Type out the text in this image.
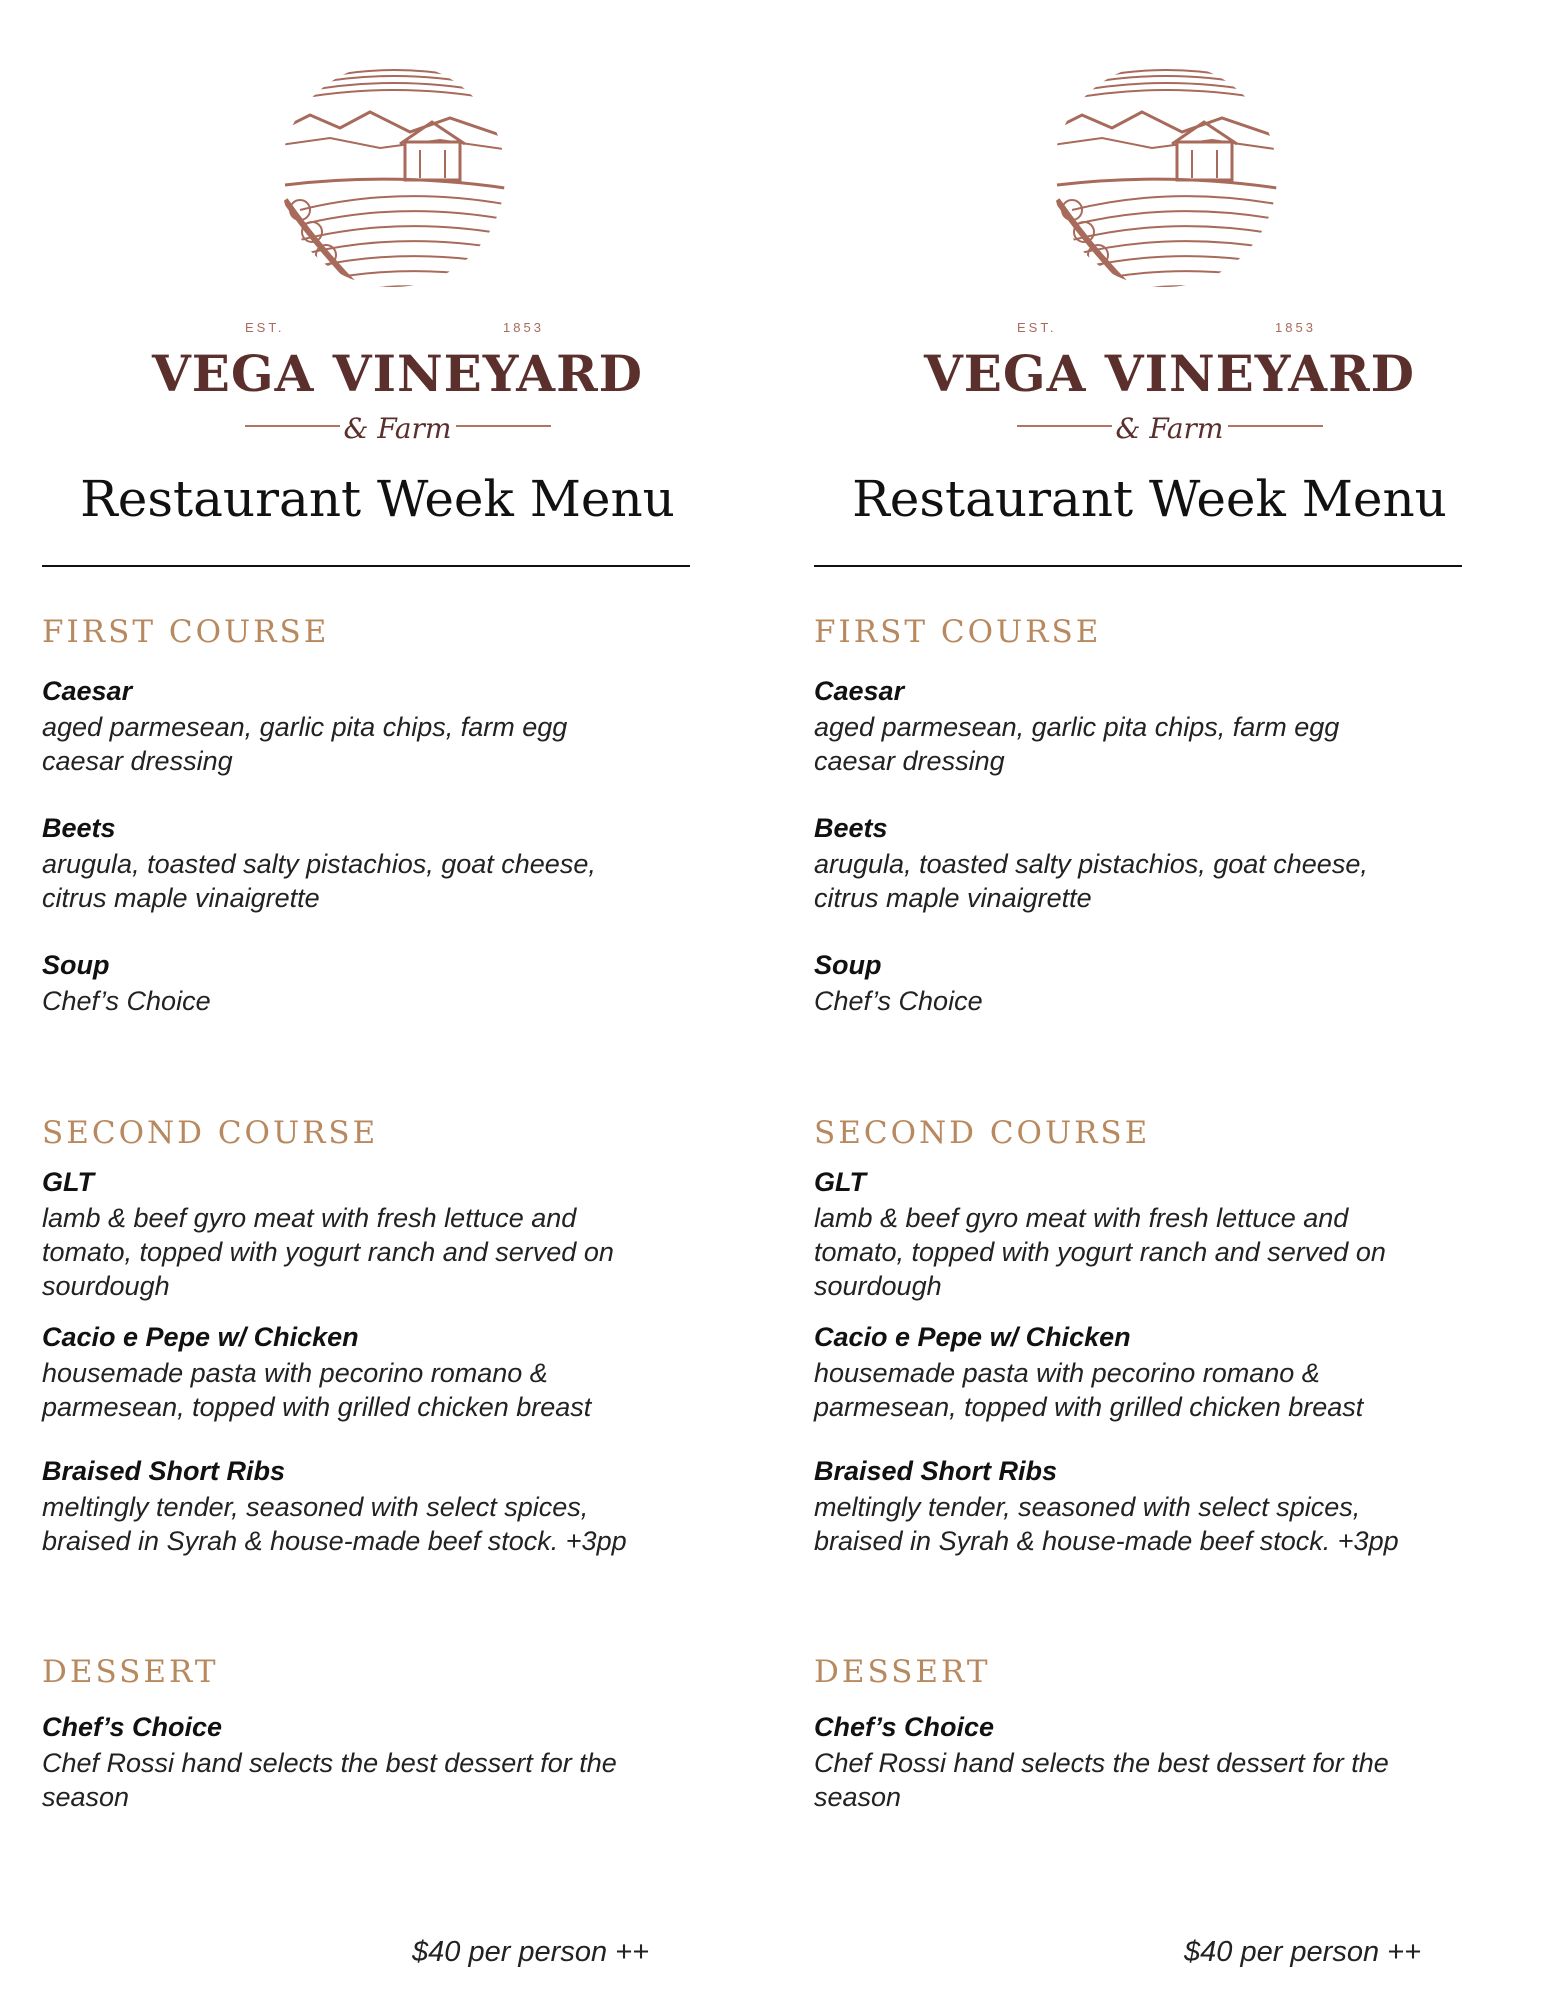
EST.	1853
VEGA VINEYARD
& Farm
Restaurant Week Menu
FIRST COURSE
Caesar
aged parmesean, garlic pita chips, farm egg
caesar dressing
Beets
arugula, toasted salty pistachios, goat cheese,
citrus maple vinaigrette
Soup
Chef’s Choice
SECOND COURSE
GLT
lamb & beef gyro meat with fresh lettuce and
tomato, topped with yogurt ranch and served on
sourdough
Cacio e Pepe w/ Chicken
housemade pasta with pecorino romano &
parmesean, topped with grilled chicken breast
Braised Short Ribs
meltingly tender, seasoned with select spices,
braised in Syrah & house-made beef stock. +3pp
DESSERT
Chef’s Choice
Chef Rossi hand selects the best dessert for the
season
$40 per person ++
EST.	1853
VEGA VINEYARD
& Farm
Restaurant Week Menu
FIRST COURSE
Caesar
aged parmesean, garlic pita chips, farm egg
caesar dressing
Beets
arugula, toasted salty pistachios, goat cheese,
citrus maple vinaigrette
Soup
Chef’s Choice
SECOND COURSE
GLT
lamb & beef gyro meat with fresh lettuce and
tomato, topped with yogurt ranch and served on
sourdough
Cacio e Pepe w/ Chicken
housemade pasta with pecorino romano &
parmesean, topped with grilled chicken breast
Braised Short Ribs
meltingly tender, seasoned with select spices,
braised in Syrah & house-made beef stock. +3pp
DESSERT
Chef’s Choice
Chef Rossi hand selects the best dessert for the
season
$40 per person ++
